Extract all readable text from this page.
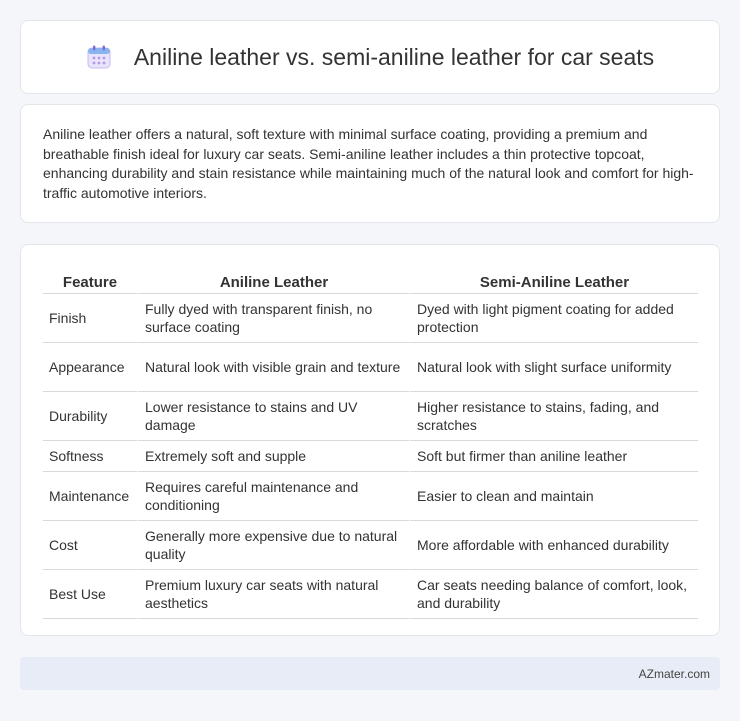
Aniline leather vs. semi-aniline leather for car seats

Aniline leather offers a natural, soft texture with minimal surface coating, providing a premium and breathable finish ideal for luxury car seats. Semi-aniline leather includes a thin protective topcoat, enhancing durability and stain resistance while maintaining much of the natural look and comfort for high-traffic automotive interiors.

Feature	Aniline Leather	Semi-Aniline Leather
Finish	Fully dyed with transparent finish, no surface coating	Dyed with light pigment coating for added protection
Appearance	Natural look with visible grain and texture	Natural look with slight surface uniformity
Durability	Lower resistance to stains and UV damage	Higher resistance to stains, fading, and scratches
Softness	Extremely soft and supple	Soft but firmer than aniline leather
Maintenance	Requires careful maintenance and conditioning	Easier to clean and maintain
Cost	Generally more expensive due to natural quality	More affordable with enhanced durability
Best Use	Premium luxury car seats with natural aesthetics	Car seats needing balance of comfort, look, and durability
AZmater.com
